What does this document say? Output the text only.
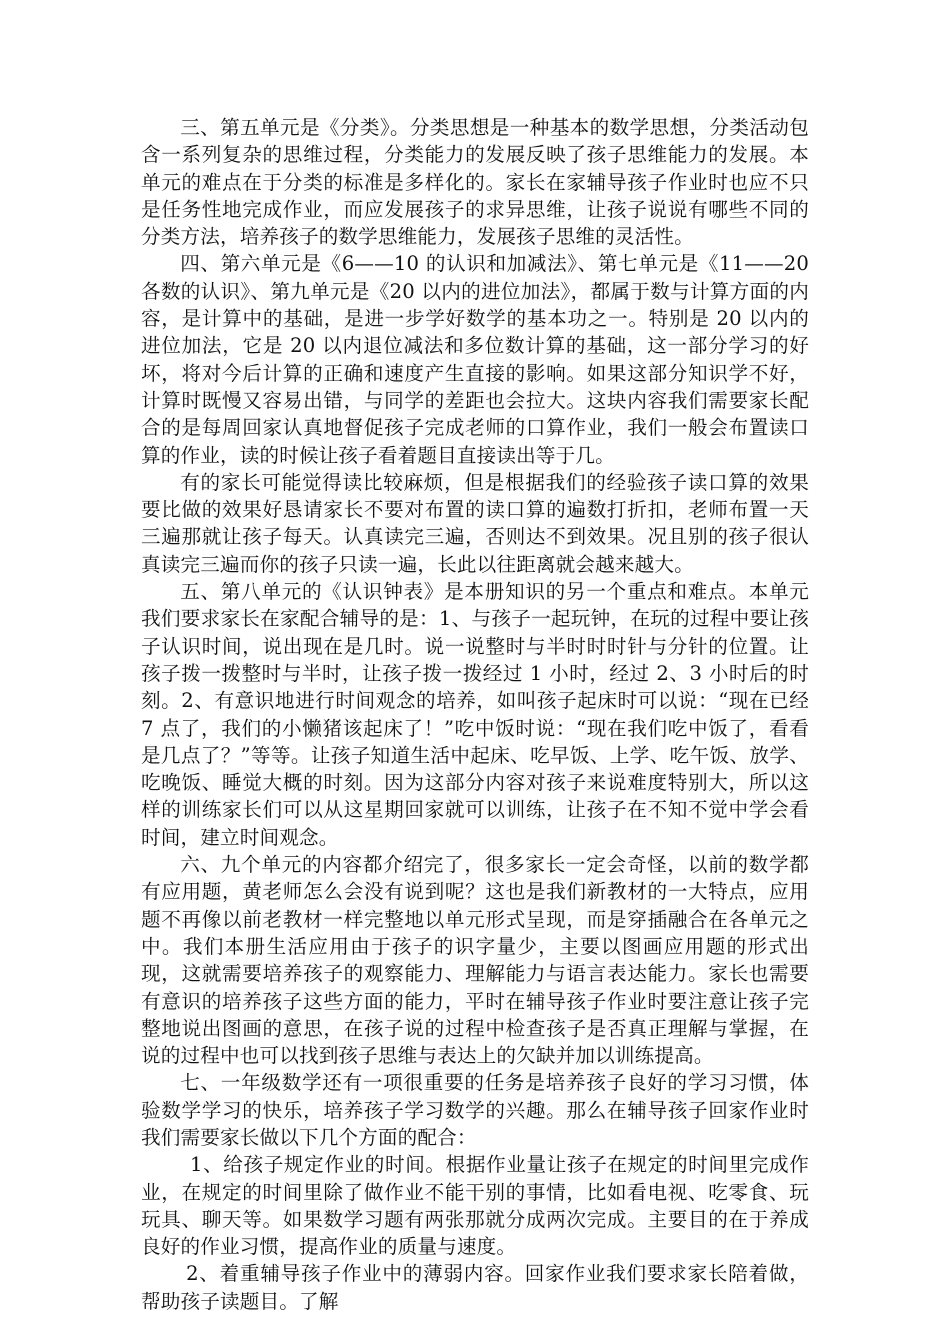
三、第五单元是《分类》。分类思想是一种基本的数学思想，分类活动包含一系列复杂的思维过程，分类能力的发展反映了孩子思维能力的发展。本单元的难点在于分类的标准是多样化的。家长在家辅导孩子作业时也应不只是任务性地完成作业，而应发展孩子的求异思维，让孩子说说有哪些不同的分类方法，培养孩子的数学思维能力，发展孩子思维的灵活性。

四、第六单元是《6——10 的认识和加减法》、第七单元是《11——20 各数的认识》、第九单元是《20 以内的进位加法》，都属于数与计算方面的内容，是计算中的基础，是进一步学好数学的基本功之一。特别是 20 以内的进位加法，它是 20 以内退位减法和多位数计算的基础，这一部分学习的好坏，将对今后计算的正确和速度产生直接的影响。如果这部分知识学不好，计算时既慢又容易出错，与同学的差距也会拉大。这块内容我们需要家长配合的是每周回家认真地督促孩子完成老师的口算作业，我们一般会布置读口算的作业，读的时候让孩子看着题目直接读出等于几。

有的家长可能觉得读比较麻烦，但是根据我们的经验孩子读口算的效果要比做的效果好恳请家长不要对布置的读口算的遍数打折扣，老师布置一天三遍那就让孩子每天。认真读完三遍，否则达不到效果。况且别的孩子很认真读完三遍而你的孩子只读一遍，长此以往距离就会越来越大。

五、第八单元的《认识钟表》是本册知识的另一个重点和难点。本单元我们要求家长在家配合辅导的是：1、与孩子一起玩钟，在玩的过程中要让孩子认识时间，说出现在是几时。说一说整时与半时时时针与分针的位置。让孩子拨一拨整时与半时，让孩子拨一拨经过 1 小时，经过 2、3 小时后的时刻。2、有意识地进行时间观念的培养，如叫孩子起床时可以说：“现在已经 7 点了，我们的小懒猪该起床了！”吃中饭时说：“现在我们吃中饭了，看看是几点了？”等等。让孩子知道生活中起床、吃早饭、上学、吃午饭、放学、吃晚饭、睡觉大概的时刻。因为这部分内容对孩子来说难度特别大，所以这样的训练家长们可以从这星期回家就可以训练，让孩子在不知不觉中学会看时间，建立时间观念。

六、九个单元的内容都介绍完了，很多家长一定会奇怪，以前的数学都有应用题，黄老师怎么会没有说到呢？这也是我们新教材的一大特点，应用题不再像以前老教材一样完整地以单元形式呈现，而是穿插融合在各单元之中。我们本册生活应用由于孩子的识字量少，主要以图画应用题的形式出现，这就需要培养孩子的观察能力、理解能力与语言表达能力。家长也需要有意识的培养孩子这些方面的能力，平时在辅导孩子作业时要注意让孩子完整地说出图画的意思，在孩子说的过程中检查孩子是否真正理解与掌握，在说的过程中也可以找到孩子思维与表达上的欠缺并加以训练提高。

七、一年级数学还有一项很重要的任务是培养孩子良好的学习习惯，体验数学学习的快乐，培养孩子学习数学的兴趣。那么在辅导孩子回家作业时我们需要家长做以下几个方面的配合：

1、给孩子规定作业的时间。根据作业量让孩子在规定的时间里完成作业，在规定的时间里除了做作业不能干别的事情，比如看电视、吃零食、玩玩具、聊天等。如果数学习题有两张那就分成两次完成。主要目的在于养成良好的作业习惯，提高作业的质量与速度。

2、着重辅导孩子作业中的薄弱内容。回家作业我们要求家长陪着做，帮助孩子读题目。了解
